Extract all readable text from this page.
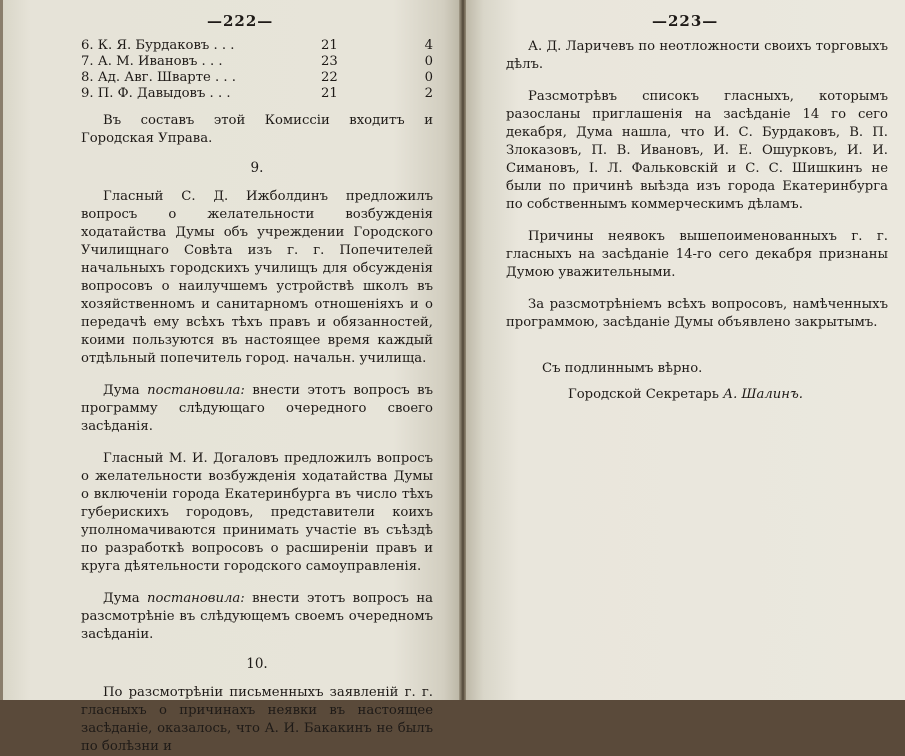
—222—
6. К. Я. Бурдаковъ . . .	21	4
7. А. М. Ивановъ . . .	23	0
8. Ад. Авг. Шварте . . .	22	0
9. П. Ф. Давыдовъ . . .	21	2

Въ составъ этой Комиссіи входитъ и Городская Управа.

9.

Гласный С. Д. Ижболдинъ предложилъ вопросъ о желательности возбужденія ходатайства Думы объ учреждении Городского Училищнаго Совѣта изъ г. г. Попечителей начальныхъ городскихъ училищъ для обсужденія вопросовъ о наилучшемъ устройствѣ школъ въ хозяйственномъ и санитарномъ отношеніяхъ и о передачѣ ему всѣхъ тѣхъ правъ и обязанностей, коими пользуются въ настоящее время каждый отдѣльный попечитель город. начальн. училища.

Дума постановила: внести этотъ вопросъ въ программу слѣдующаго очередного своего засѣданія.

Гласный М. И. Догаловъ предложилъ вопросъ о желательности возбужденія ходатайства Думы о включеніи города Екатеринбурга въ число тѣхъ губерискихъ городовъ, представители коихъ уполномачиваются принимать участіе въ съѣздѣ по разработкѣ вопросовъ о расширеніи правъ и круга дѣятельности городского самоуправленія.

Дума постановила: внести этотъ вопросъ на разсмотрѣніе въ слѣдующемъ своемъ очередномъ засѣданіи.

10.

По разсмотрѣніи письменныхъ заявленій г. г. гласныхъ о причинахъ неявки въ настоящее засѣданіе, оказалось, что А. И. Бакакинъ не былъ по болѣзни и

—223—

А. Д. Ларичевъ по неотложности своихъ торговыхъ дѣлъ.

Разсмотрѣвъ списокъ гласныхъ, которымъ разосланы приглашенія на засѣданіе 14 го сего декабря, Дума нашла, что И. С. Бурдаковъ, В. П. Злоказовъ, П. В. Ивановъ, И. Е. Ошурковъ, И. И. Симановъ, І. Л. Фальковскій и С. С. Шишкинъ не были по причинѣ выѣзда изъ города Екатеринбурга по собственнымъ коммерческимъ дѣламъ.

Причины неявокъ вышепоименованныхъ г. г. гласныхъ на засѣданіе 14-го сего декабря признаны Думою уважительными.

За разсмотрѣніемъ всѣхъ вопросовъ, намѣченныхъ программою, засѣданіе Думы объявлено закрытымъ.

Съ подлиннымъ вѣрно.
Городской Секретарь А. Шалинъ.
